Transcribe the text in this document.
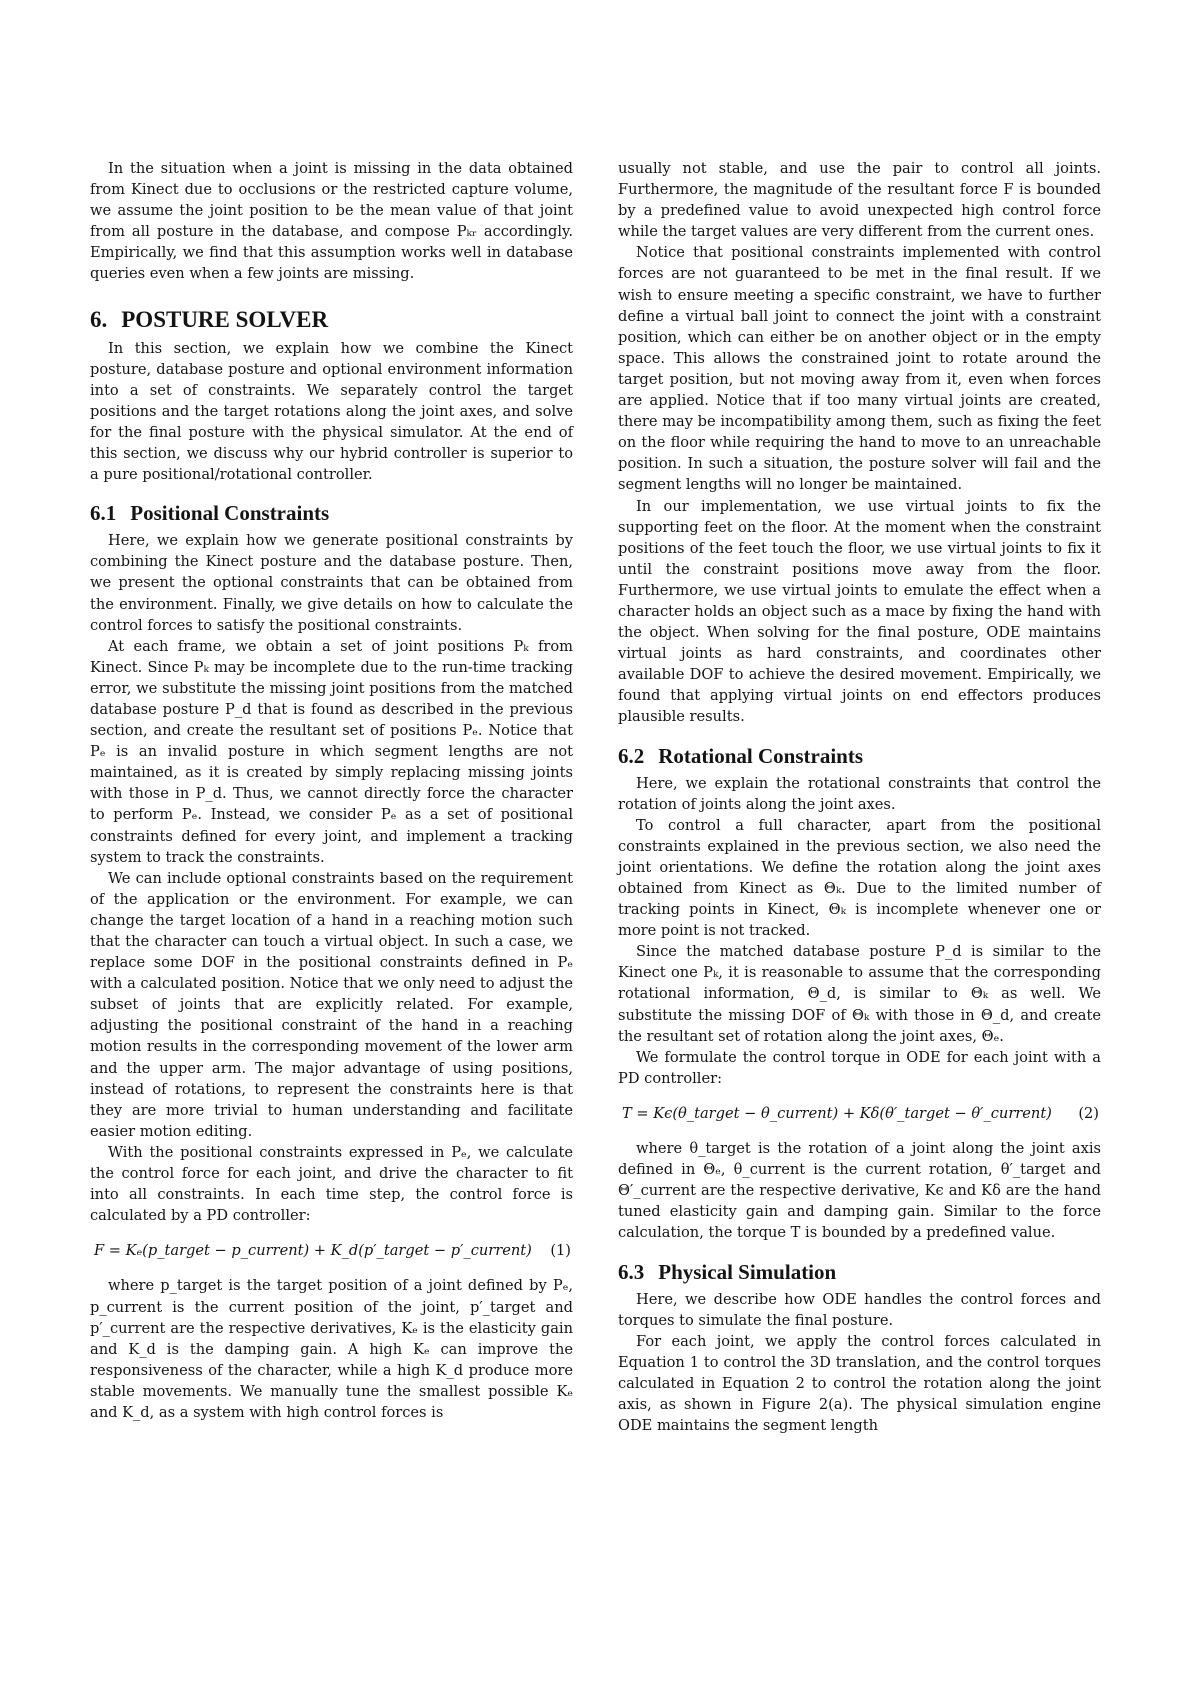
In the situation when a joint is missing in the data obtained from Kinect due to occlusions or the restricted capture volume, we assume the joint position to be the mean value of that joint from all posture in the database, and compose Pₖᵣ accordingly. Empirically, we find that this assumption works well in database queries even when a few joints are missing.

6. POSTURE SOLVER

In this section, we explain how we combine the Kinect posture, database posture and optional environment information into a set of constraints. We separately control the target positions and the target rotations along the joint axes, and solve for the final posture with the physical simulator. At the end of this section, we discuss why our hybrid controller is superior to a pure positional/rotational controller.

6.1 Positional Constraints

Here, we explain how we generate positional constraints by combining the Kinect posture and the database posture. Then, we present the optional constraints that can be obtained from the environment. Finally, we give details on how to calculate the control forces to satisfy the positional constraints.

At each frame, we obtain a set of joint positions Pₖ from Kinect. Since Pₖ may be incomplete due to the run-time tracking error, we substitute the missing joint positions from the matched database posture P_d that is found as described in the previous section, and create the resultant set of positions Pₑ. Notice that Pₑ is an invalid posture in which segment lengths are not maintained, as it is created by simply replacing missing joints with those in P_d. Thus, we cannot directly force the character to perform Pₑ. Instead, we consider Pₑ as a set of positional constraints defined for every joint, and implement a tracking system to track the constraints.

We can include optional constraints based on the requirement of the application or the environment. For example, we can change the target location of a hand in a reaching motion such that the character can touch a virtual object. In such a case, we replace some DOF in the positional constraints defined in Pₑ with a calculated position. Notice that we only need to adjust the subset of joints that are explicitly related. For example, adjusting the positional constraint of the hand in a reaching motion results in the corresponding movement of the lower arm and the upper arm. The major advantage of using positions, instead of rotations, to represent the constraints here is that they are more trivial to human understanding and facilitate easier motion editing.

With the positional constraints expressed in Pₑ, we calculate the control force for each joint, and drive the character to fit into all constraints. In each time step, the control force is calculated by a PD controller:

F = Kₑ(p_target − p_current) + K_d(p′_target − p′_current) (1)

where p_target is the target position of a joint defined by Pₑ, p_current is the current position of the joint, p′_target and p′_current are the respective derivatives, Kₑ is the elasticity gain and K_d is the damping gain. A high Kₑ can improve the responsiveness of the character, while a high K_d produce more stable movements. We manually tune the smallest possible Kₑ and K_d, as a system with high control forces is

usually not stable, and use the pair to control all joints. Furthermore, the magnitude of the resultant force F is bounded by a predefined value to avoid unexpected high control force while the target values are very different from the current ones.

Notice that positional constraints implemented with control forces are not guaranteed to be met in the final result. If we wish to ensure meeting a specific constraint, we have to further define a virtual ball joint to connect the joint with a constraint position, which can either be on another object or in the empty space. This allows the constrained joint to rotate around the target position, but not moving away from it, even when forces are applied. Notice that if too many virtual joints are created, there may be incompatibility among them, such as fixing the feet on the floor while requiring the hand to move to an unreachable position. In such a situation, the posture solver will fail and the segment lengths will no longer be maintained.

In our implementation, we use virtual joints to fix the supporting feet on the floor. At the moment when the constraint positions of the feet touch the floor, we use virtual joints to fix it until the constraint positions move away from the floor. Furthermore, we use virtual joints to emulate the effect when a character holds an object such as a mace by fixing the hand with the object. When solving for the final posture, ODE maintains virtual joints as hard constraints, and coordinates other available DOF to achieve the desired movement. Empirically, we found that applying virtual joints on end effectors produces plausible results.

6.2 Rotational Constraints

Here, we explain the rotational constraints that control the rotation of joints along the joint axes.

To control a full character, apart from the positional constraints explained in the previous section, we also need the joint orientations. We define the rotation along the joint axes obtained from Kinect as Θₖ. Due to the limited number of tracking points in Kinect, Θₖ is incomplete whenever one or more point is not tracked.

Since the matched database posture P_d is similar to the Kinect one Pₖ, it is reasonable to assume that the corresponding rotational information, Θ_d, is similar to Θₖ as well. We substitute the missing DOF of Θₖ with those in Θ_d, and create the resultant set of rotation along the joint axes, Θₑ.

We formulate the control torque in ODE for each joint with a PD controller:

T = Kϵ(θ_target − θ_current) + Kδ(θ′_target − θ′_current) (2)

where θ_target is the rotation of a joint along the joint axis defined in Θₑ, θ_current is the current rotation, θ′_target and Θ′_current are the respective derivative, Kϵ and Kδ are the hand tuned elasticity gain and damping gain. Similar to the force calculation, the torque T is bounded by a predefined value.

6.3 Physical Simulation

Here, we describe how ODE handles the control forces and torques to simulate the final posture.

For each joint, we apply the control forces calculated in Equation 1 to control the 3D translation, and the control torques calculated in Equation 2 to control the rotation along the joint axis, as shown in Figure 2(a). The physical simulation engine ODE maintains the segment length
